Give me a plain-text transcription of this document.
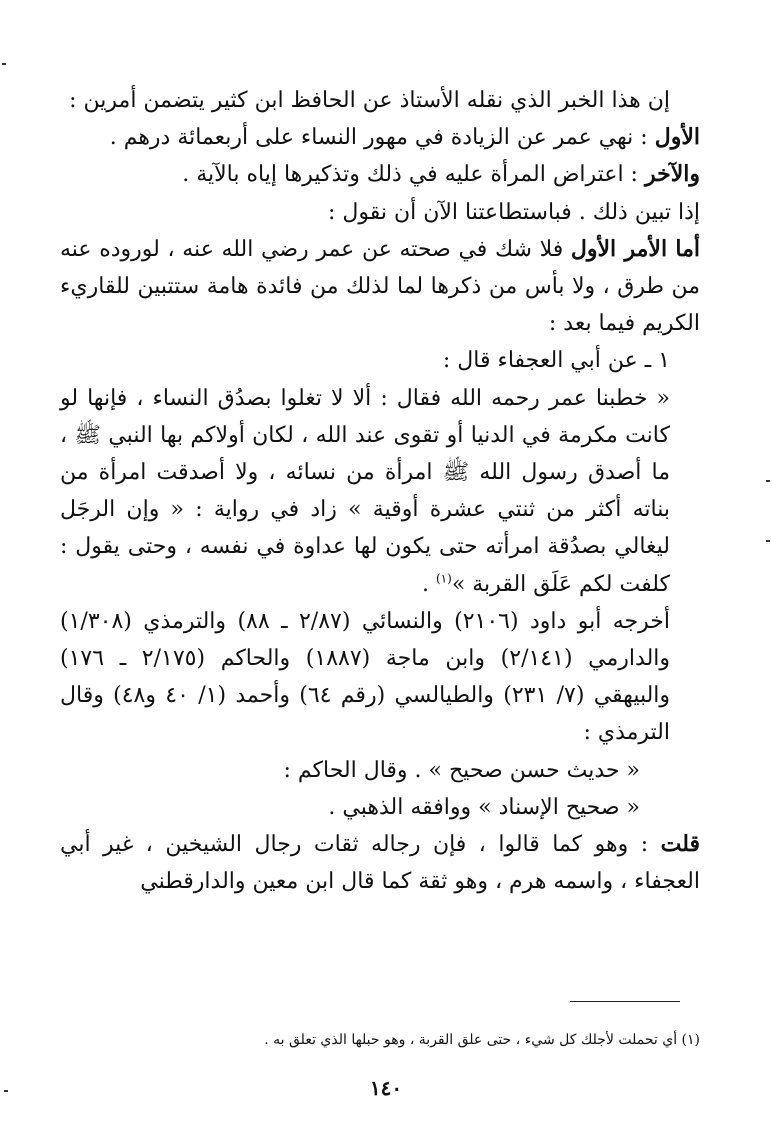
إن هذا الخبر الذي نقله الأستاذ عن الحافظ ابن كثير يتضمن أمرين :

الأول : نهي عمر عن الزيادة في مهور النساء على أربعمائة درهم .

والآخر : اعتراض المرأة عليه في ذلك وتذكيرها إياه بالآية .

إذا تبين ذلك . فباستطاعتنا الآن أن نقول :

أما الأمر الأول فلا شك في صحته عن عمر رضي الله عنه ، لوروده عنه من طرق ، ولا بأس من ذكرها لما لذلك من فائدة هامة ستتبين للقاريء الكريم فيما بعد :

١ ـ عن أبي العجفاء قال :

« خطبنا عمر رحمه الله فقال : ألا لا تغلوا بصدُق النساء ، فإنها لو كانت مكرمة في الدنيا أو تقوى عند الله ، لكان أولاكم بها النبي ﷺ ، ما أصدق رسول الله ﷺ امرأة من نسائه ، ولا أصدقت امرأة من بناته أكثر من ثنتي عشرة أوقية » زاد في رواية : « وإن الرجَل ليغالي بصدُقة امرأته حتى يكون لها عداوة في نفسه ، وحتى يقول : كلفت لكم عَلَق القربة »$^{(١)}$ .

أخرجه أبو داود (٢١٠٦) والنسائي (٢/٨٧ ـ ٨٨) والترمذي (١/٣٠٨) والدارمي (٢/١٤١) وابن ماجة (١٨٨٧) والحاكم (٢/١٧٥ ـ ١٧٦) والبيهقي (٧/ ٢٣١) والطيالسي (رقم ٦٤) وأحمد (١/ ٤٠ و٤٨) وقال الترمذي :

« حديث حسن صحيح » . وقال الحاكم :

« صحيح الإسناد » ووافقه الذهبي .

قلت : وهو كما قالوا ، فإن رجاله ثقات رجال الشيخين ، غير أبي العجفاء ، واسمه هرم ، وهو ثقة كما قال ابن معين والدارقطني

(١) أي تحملت لأجلك كل شيء ، حتى علق القربة ، وهو حبلها الذي تعلق به .
١٤٠
